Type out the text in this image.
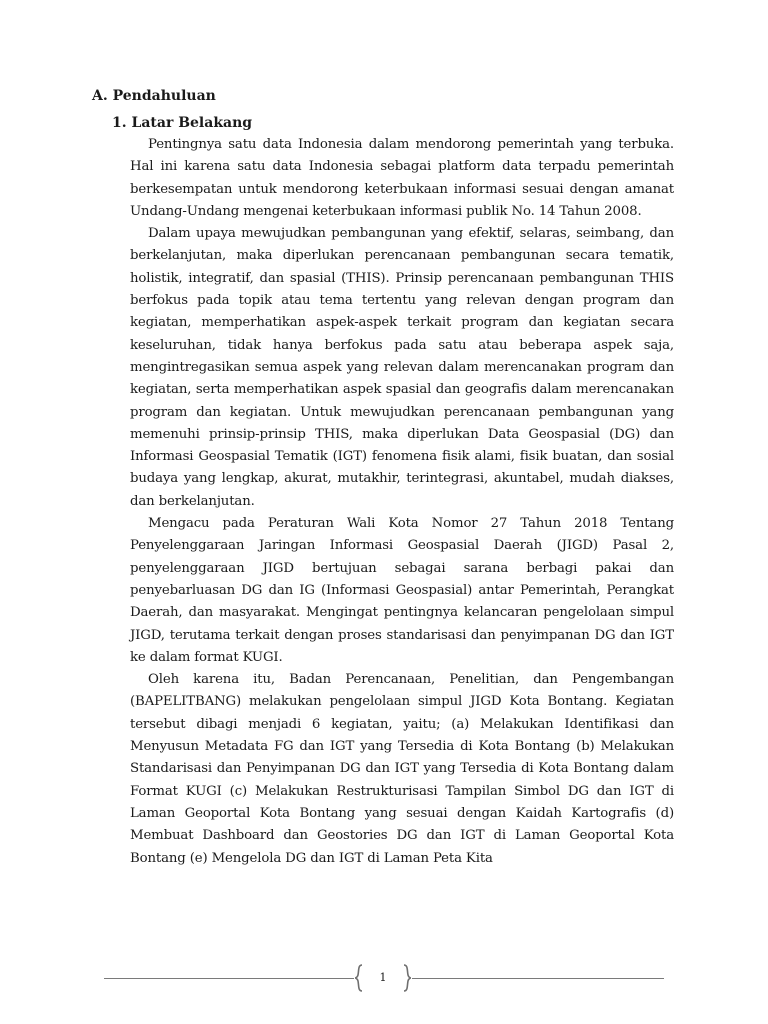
A. Pendahuluan
1. Latar Belakang

Pentingnya satu data Indonesia dalam mendorong pemerintah yang terbuka. Hal ini karena satu data Indonesia sebagai platform data terpadu pemerintah berkesempatan untuk mendorong keterbukaan informasi sesuai dengan amanat Undang-Undang mengenai keterbukaan informasi publik No. 14 Tahun 2008.

Dalam upaya mewujudkan pembangunan yang efektif, selaras, seimbang, dan berkelanjutan, maka diperlukan perencanaan pembangunan secara tematik, holistik, integratif, dan spasial (THIS). Prinsip perencanaan pembangunan THIS berfokus pada topik atau tema tertentu yang relevan dengan program dan kegiatan, memperhatikan aspek-aspek terkait program dan kegiatan secara keseluruhan, tidak hanya berfokus pada satu atau beberapa aspek saja, mengintregasikan semua aspek yang relevan dalam merencanakan program dan kegiatan, serta memperhatikan aspek spasial dan geografis dalam merencanakan program dan kegiatan. Untuk mewujudkan perencanaan pembangunan yang memenuhi prinsip-prinsip THIS, maka diperlukan Data Geospasial (DG) dan Informasi Geospasial Tematik (IGT) fenomena fisik alami, fisik buatan, dan sosial budaya yang lengkap, akurat, mutakhir, terintegrasi, akuntabel, mudah diakses, dan berkelanjutan.

Mengacu pada Peraturan Wali Kota Nomor 27 Tahun 2018 Tentang Penyelenggaraan Jaringan Informasi Geospasial Daerah (JIGD) Pasal 2, penyelenggaraan JIGD bertujuan sebagai sarana berbagi pakai dan penyebarluasan DG dan IG (Informasi Geospasial) antar Pemerintah, Perangkat Daerah, dan masyarakat. Mengingat pentingnya kelancaran pengelolaan simpul JIGD, terutama terkait dengan proses standarisasi dan penyimpanan DG dan IGT ke dalam format KUGI.

Oleh karena itu, Badan Perencanaan, Penelitian, dan Pengembangan (BAPELITBANG) melakukan pengelolaan simpul JIGD Kota Bontang. Kegiatan tersebut dibagi menjadi 6 kegiatan, yaitu; (a) Melakukan Identifikasi dan Menyusun Metadata FG dan IGT yang Tersedia di Kota Bontang (b) Melakukan Standarisasi dan Penyimpanan DG dan IGT yang Tersedia di Kota Bontang dalam Format KUGI (c) Melakukan Restrukturisasi Tampilan Simbol DG dan IGT di Laman Geoportal Kota Bontang yang sesuai dengan Kaidah Kartografis (d) Membuat Dashboard dan Geostories DG dan IGT di Laman Geoportal Kota Bontang (e) Mengelola DG dan IGT di Laman Peta Kita

1
